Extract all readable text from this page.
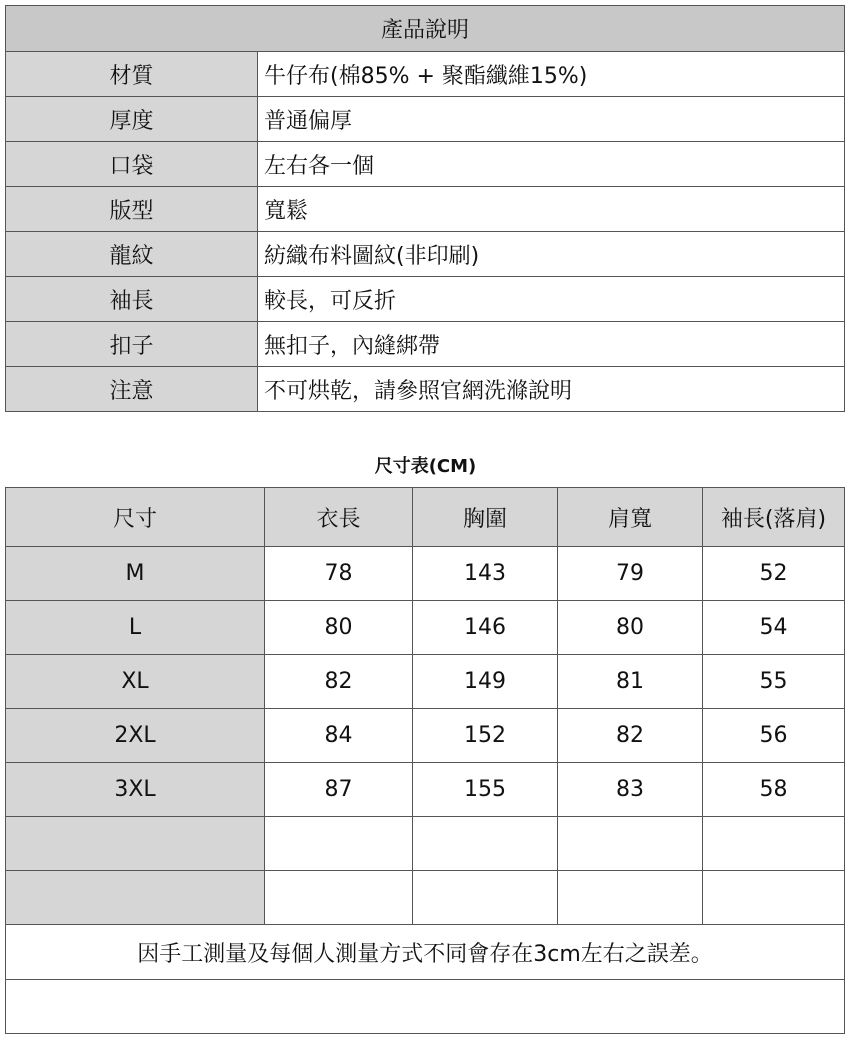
產品說明	
材質	牛仔布(棉85% + 聚酯纖維15%)
厚度	普通偏厚
口袋	左右各一個
版型	寬鬆
龍紋	紡織布料圖紋(非印刷)
袖長	較長，可反折
扣子	無扣子，內縫綁帶
注意	不可烘乾，請參照官網洗滌說明
尺寸表(CM)
尺寸	衣長	胸圍	肩寬	袖長(落肩)
M	78	143	79	52
L	80	146	80	54
XL	82	149	81	55
2XL	84	152	82	56
3XL	87	155	83	58

因手工測量及每個人測量方式不同會存在3cm左右之誤差。				
